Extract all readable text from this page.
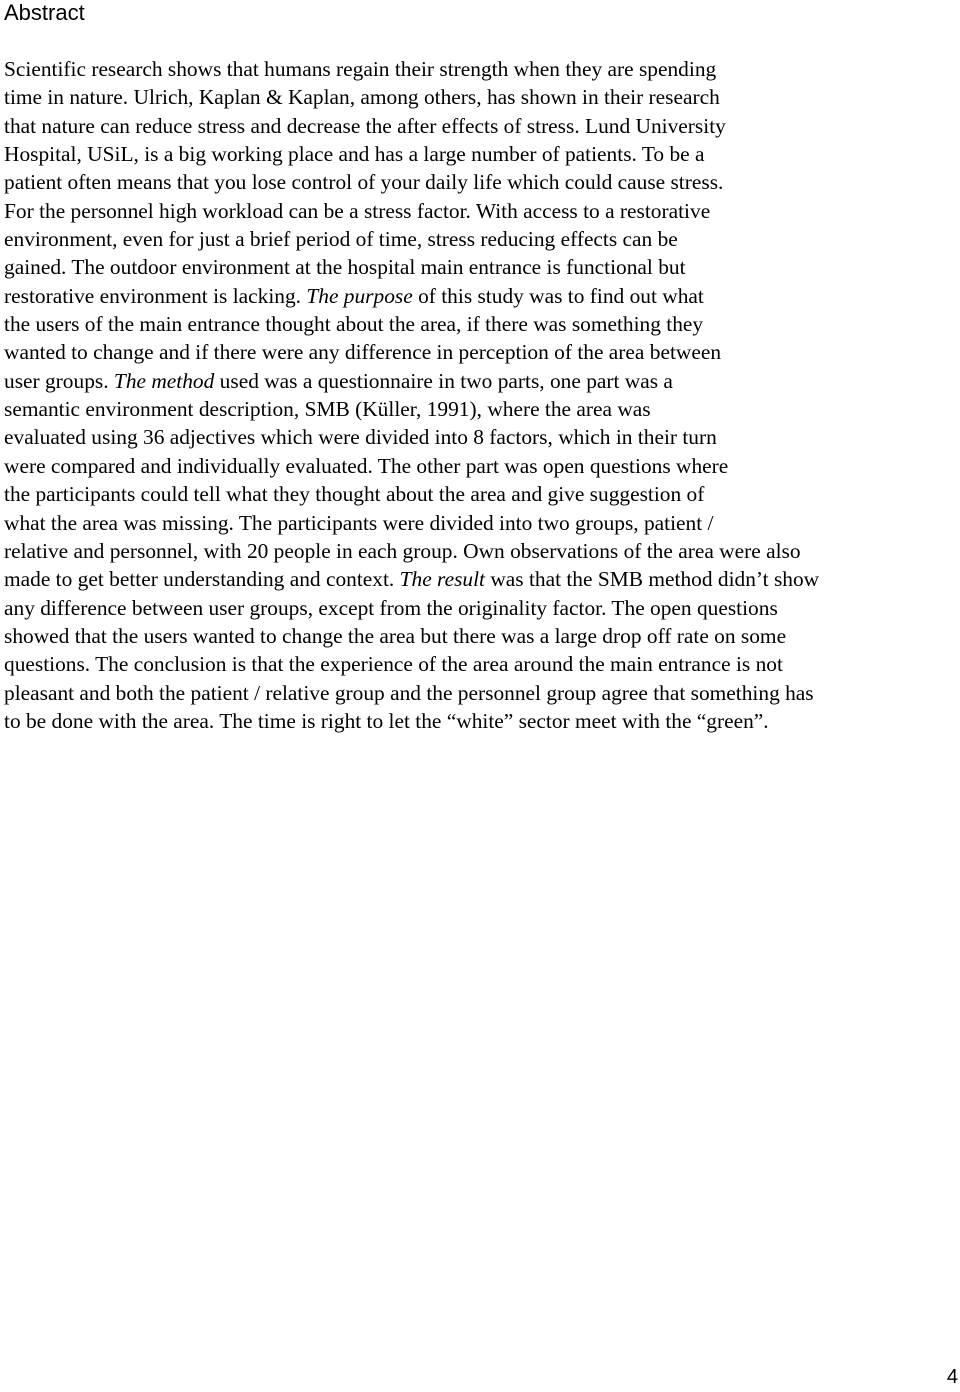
Abstract
Scientific research shows that humans regain their strength when they are spending
time in nature. Ulrich, Kaplan & Kaplan, among others, has shown in their research
that nature can reduce stress and decrease the after effects of stress. Lund University
Hospital, USiL, is a big working place and has a large number of patients. To be a
patient often means that you lose control of your daily life which could cause stress.
For the personnel high workload can be a stress factor. With access to a restorative
environment, even for just a brief period of time, stress reducing effects can be
gained. The outdoor environment at the hospital main entrance is functional but
restorative environment is lacking. The purpose of this study was to find out what
the users of the main entrance thought about the area, if there was something they
wanted to change and if there were any difference in perception of the area between
user groups. The method used was a questionnaire in two parts, one part was a
semantic environment description, SMB (Küller, 1991), where the area was
evaluated using 36 adjectives which were divided into 8 factors, which in their turn
were compared and individually evaluated. The other part was open questions where
the participants could tell what they thought about the area and give suggestion of
what the area was missing. The participants were divided into two groups, patient /
relative and personnel, with 20 people in each group. Own observations of the area were also
made to get better understanding and context. The result was that the SMB method didn’t show
any difference between user groups, except from the originality factor. The open questions
showed that the users wanted to change the area but there was a large drop off rate on some
questions. The conclusion is that the experience of the area around the main entrance is not
pleasant and both the patient / relative group and the personnel group agree that something has
to be done with the area. The time is right to let the “white” sector meet with the “green”.
4
